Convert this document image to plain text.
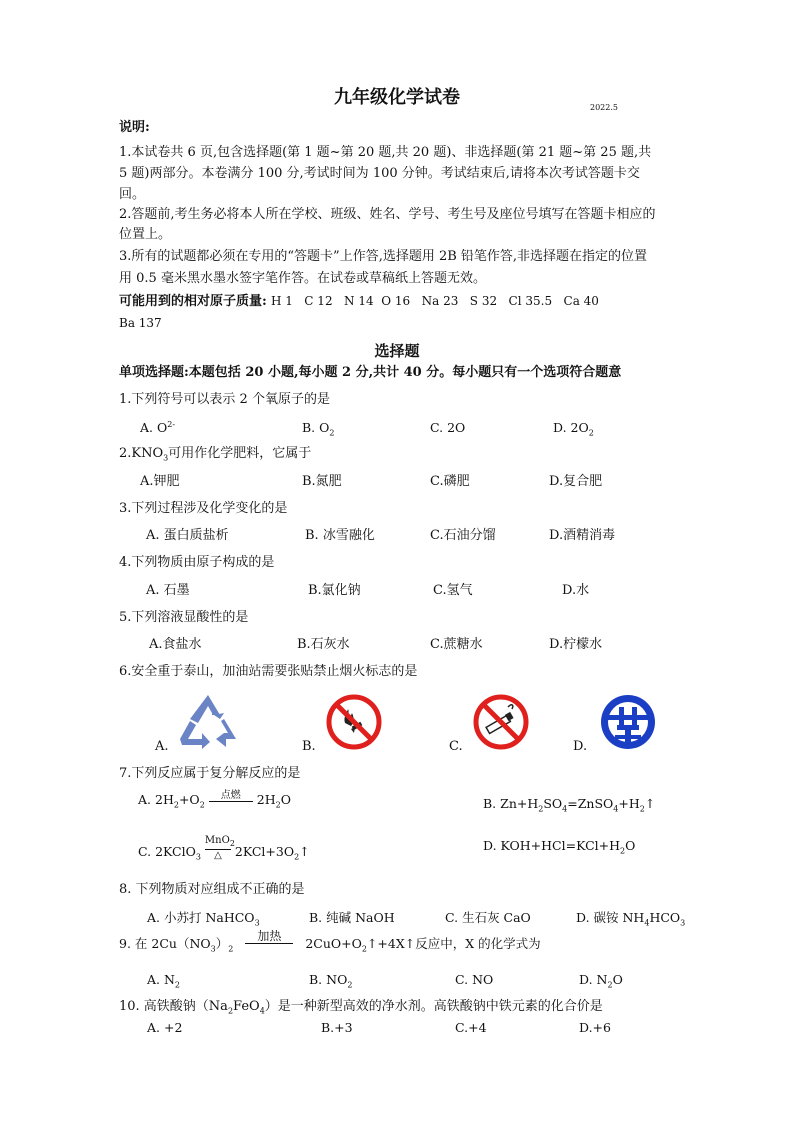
九年级化学试卷	2022.5
说明:
1.本试卷共 6 页,包含选择题(第 1 题~第 20 题,共 20 题)、非选择题(第 21 题~第 25 题,共
5 题)两部分。本卷满分 100 分,考试时间为 100 分钟。考试结束后,请将本次考试答题卡交
回。
2.答题前,考生务必将本人所在学校、班级、姓名、学号、考生号及座位号填写在答题卡相应的
位置上。
3.所有的试题都必须在专用的“答题卡”上作答,选择题用 2B 铅笔作答,非选择题在指定的位置
用 0.5 毫米黑水墨水签字笔作答。在试卷或草稿纸上答题无效。
可能用到的相对原子质量: H 1   C 12   N 14  O 16   Na 23   S 32   Cl 35.5   Ca 40
Ba 137
选择题
单项选择题:本题包括 20 小题,每小题 2 分,共计 40 分。每小题只有一个选项符合题意
1.下列符号可以表示 2 个氧原子的是
A. $O^{2-}$	B. $O_2$	C. 2O	D. $2O_2$
$2.KNO_3$可用作化学肥料，它属于
A.钾肥	B.氮肥	C.磷肥	D.复合肥
3.下列过程涉及化学变化的是
A. 蛋白质盐析	B. 冰雪融化	C.石油分馏	D.酒精消毒
4.下列物质由原子构成的是
A. 石墨	B.氯化钠	C.氢气	D.水
5.下列溶液显酸性的是
A.食盐水	B.石灰水	C.蔗糖水	D.柠檬水
6.安全重于泰山，加油站需要张贴禁止烟火标志的是
A.	B.	C.	D.
7.下列反应属于复分解反应的是
A. $2H_2+O_2$
点燃	$2H_2O$	B. $Zn+H_2SO_4=ZnSO_4+H_2↑$
C. 2KClO$_3$
MnO$_2$
△	$2KCl+3O_2↑$	D. $KOH+HCl=KCl+H_2O$
8. 下列物质对应组成不正确的是
A. 小苏打 NaHCO$_3$	B. 纯碱 NaOH	C. 生石灰 CaO	D. 碳铵 $NH_4HCO_3$
9. 在 $2Cu(NO_3)_2$
加热	$2CuO+O_2↑+4X↑$反应中，X 的化学式为
A. $N_2$	B. $NO_2$	C. NO	D. $N_2O$
10. 高铁酸钠$(Na_2FeO_4)$是一种新型高效的净水剂。高铁酸钠中铁元素的化合价是
A. +2	B.+3	C.+4	D.+6
